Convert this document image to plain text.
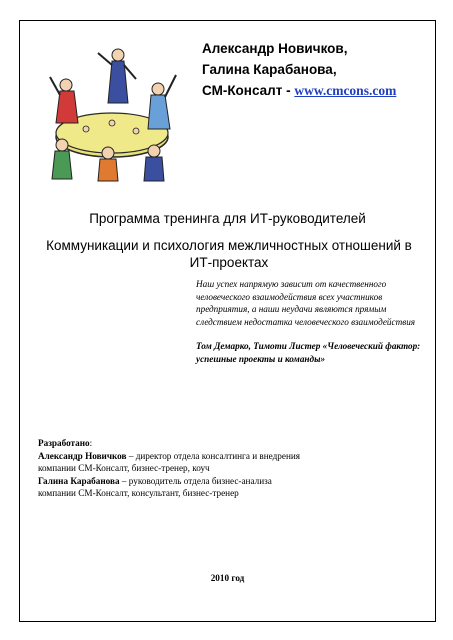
Александр Новичков,
Галина Карабанова,
СМ-Консалт - www.cmcons.com
Программа тренинга для ИТ-руководителей
Коммуникации и психология межличностных отношений в ИТ-проектах

Наш успех напрямую зависит от качественного человеческого взаимодействия всех участников предприятия, а наши неудачи являются прямым следствием недостатка человеческого взаимодействия

Том Демарко, Тимоти Листер «Человеческий фактор: успешные проекты и команды»

Разработано:

Александр Новичков – директор отдела консалтинга и внедрения компании СМ-Консалт, бизнес-тренер, коуч

Галина Карабанова – руководитель отдела бизнес-анализа компании СМ-Консалт, консультант, бизнес-тренер

2010 год
